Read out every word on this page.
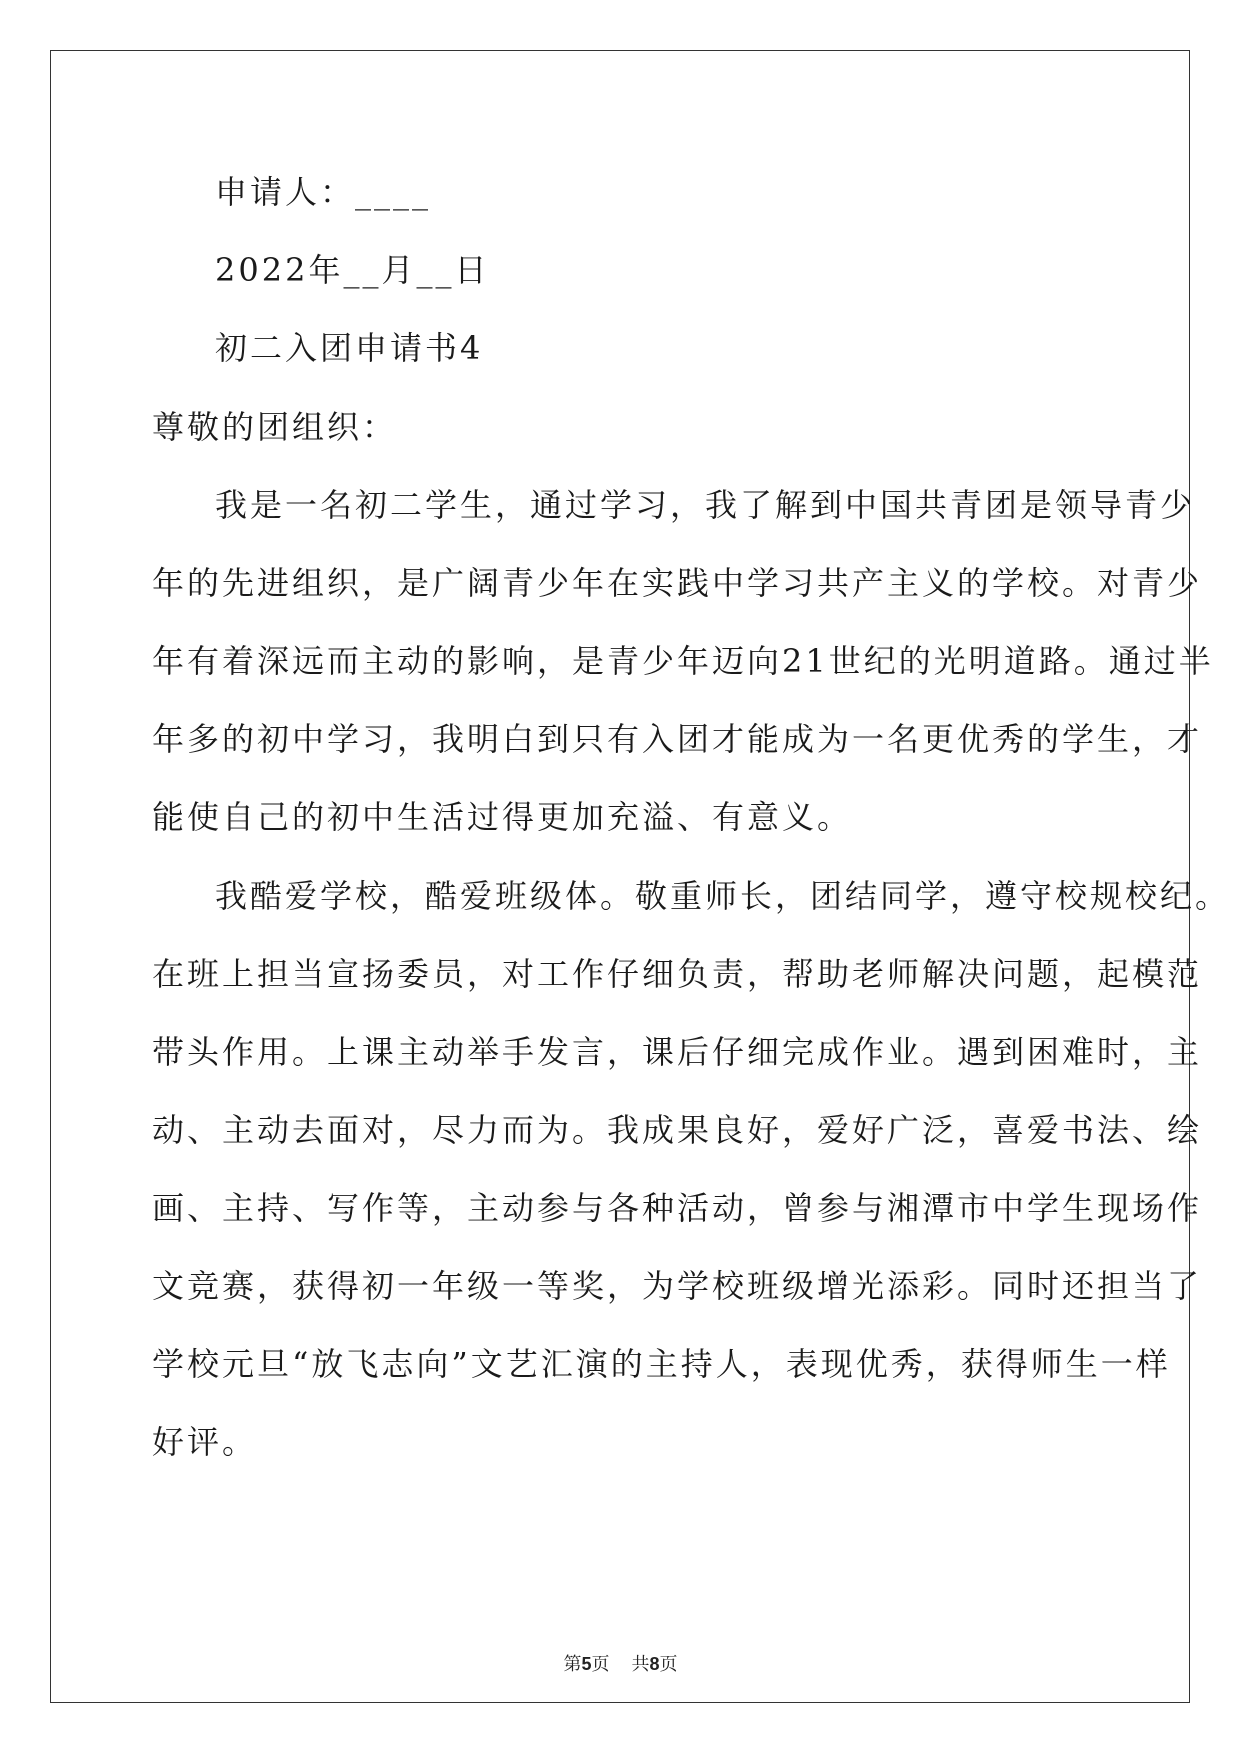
申请人：____
2022年__月__日
初二入团申请书4
尊敬的团组织：
我是一名初二学生，通过学习，我了解到中国共青团是领导青少
年的先进组织，是广阔青少年在实践中学习共产主义的学校。对青少
年有着深远而主动的影响，是青少年迈向21世纪的光明道路。通过半
年多的初中学习，我明白到只有入团才能成为一名更优秀的学生，才
能使自己的初中生活过得更加充溢、有意义。
我酷爱学校，酷爱班级体。敬重师长，团结同学，遵守校规校纪。
在班上担当宣扬委员，对工作仔细负责，帮助老师解决问题，起模范
带头作用。上课主动举手发言，课后仔细完成作业。遇到困难时，主
动、主动去面对，尽力而为。我成果良好，爱好广泛，喜爱书法、绘
画、主持、写作等，主动参与各种活动，曾参与湘潭市中学生现场作
文竞赛，获得初一年级一等奖，为学校班级增光添彩。同时还担当了
学校元旦“放飞志向”文艺汇演的主持人，表现优秀，获得师生一样
好评。
第5页 共8页
